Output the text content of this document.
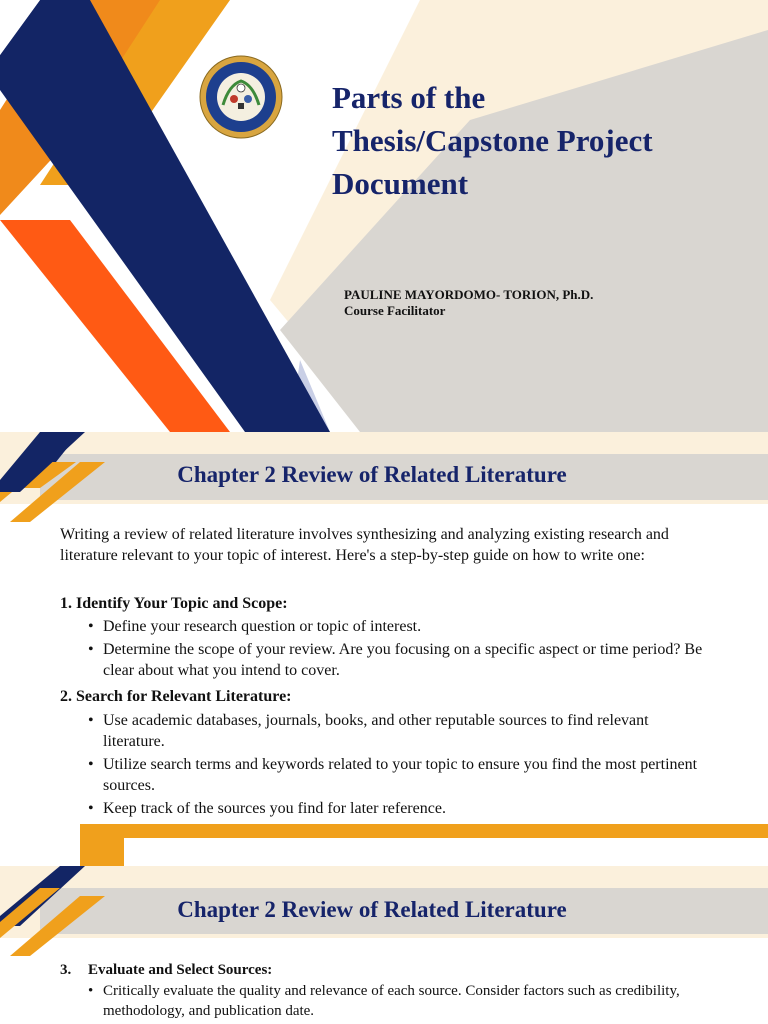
Parts of the
Thesis/Capstone Project
Document
PAULINE MAYORDOMO- TORION, Ph.D.
Course Facilitator
Chapter 2 Review of Related Literature

Writing a review of related literature involves synthesizing and analyzing existing research and literature relevant to your topic of interest. Here's a step-by-step guide on how to write one:

1. Identify Your Topic and Scope:
• Define your research question or topic of interest.
• Determine the scope of your review. Are you focusing on a specific aspect or time period? Be clear about what you intend to cover.
2. Search for Relevant Literature:
• Use academic databases, journals, books, and other reputable sources to find relevant literature.
• Utilize search terms and keywords related to your topic to ensure you find the most pertinent sources.
• Keep track of the sources you find for later reference.
Chapter 2 Review of Related Literature
3. Evaluate and Select Sources:
• Critically evaluate the quality and relevance of each source. Consider factors such as credibility, methodology, and publication date.
